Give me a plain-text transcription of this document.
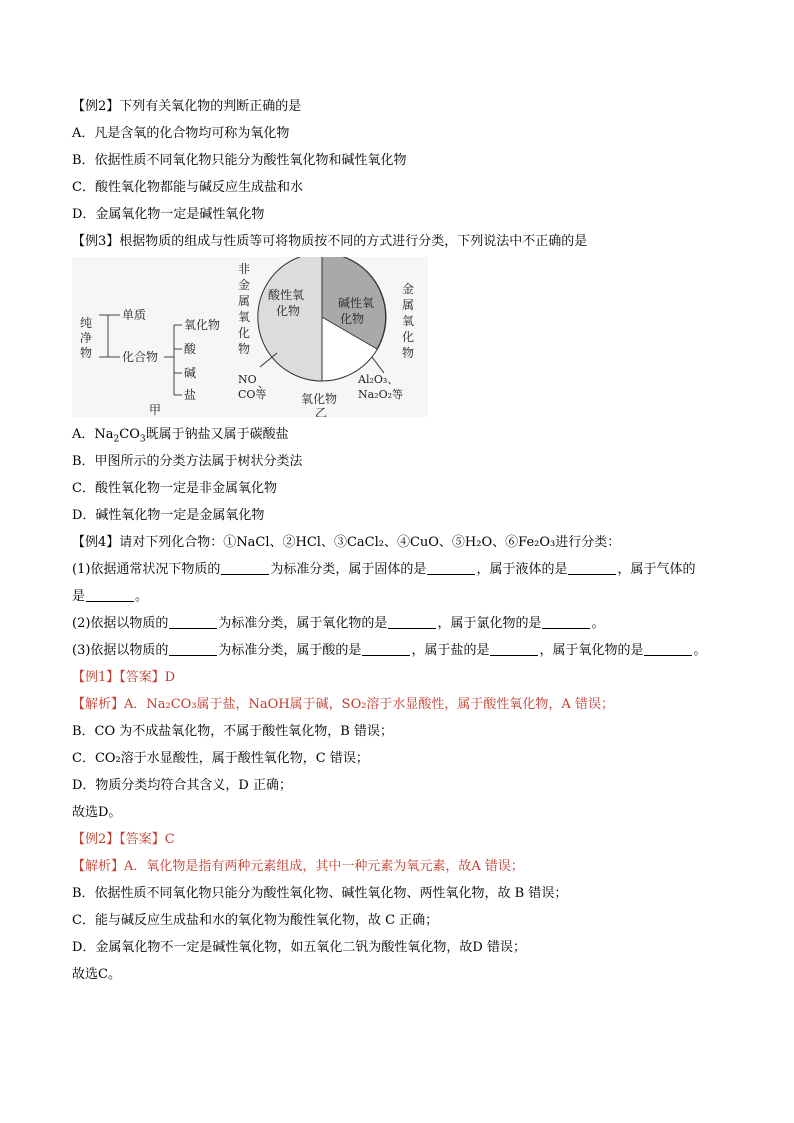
【例2】下列有关氧化物的判断正确的是
A．凡是含氧的化合物均可称为氧化物
B．依据性质不同氧化物只能分为酸性氧化物和碱性氧化物
C．酸性氧化物都能与碱反应生成盐和水
D．金属氧化物一定是碱性氧化物
【例3】根据物质的组成与性质等可将物质按不同的方式进行分类，下列说法中不正确的是
纯
净
物
单质
化合物
氧化物
酸
碱
盐
甲
酸性氧
化物
碱性氧
化物
非
金
属
氧
化
物
金
属
氧
化
物
NO 、
CO等	氧化物
Al₂O₃、
Na₂O₂等
乙
A．$Na_2CO_3$既属于钠盐又属于碳酸盐
B．甲图所示的分类方法属于树状分类法
C．酸性氧化物一定是非金属氧化物
D．碱性氧化物一定是金属氧化物
【例4】请对下列化合物：①NaCl、②HCl、③CaCl₂、④CuO、⑤H₂O、⑥Fe₂O₃进行分类：
(1)依据通常状况下物质的	为标准分类，属于固体的是	，属于液体的是	，属于气体的
是	。
(2)依据以物质的	为标准分类，属于氧化物的是	，属于氯化物的是	。
(3)依据以物质的	为标准分类，属于酸的是	，属于盐的是	，属于氧化物的是	。
【例1】【答案】D
【解析】A．Na₂CO₃属于盐，NaOH属于碱，SO₂溶于水显酸性，属于酸性氧化物，A 错误；
B．CO 为不成盐氧化物，不属于酸性氧化物，B 错误；
C．CO₂溶于水显酸性，属于酸性氧化物，C 错误；
D．物质分类均符合其含义，D 正确；
故选D。
【例2】【答案】C
【解析】A．氧化物是指有两种元素组成，其中一种元素为氧元素，故A 错误；
B．依据性质不同氧化物只能分为酸性氧化物、碱性氧化物、两性氧化物，故 B 错误；
C．能与碱反应生成盐和水的氧化物为酸性氧化物，故 C 正确；
D．金属氧化物不一定是碱性氧化物，如五氧化二钒为酸性氧化物，故D 错误；
故选C。
